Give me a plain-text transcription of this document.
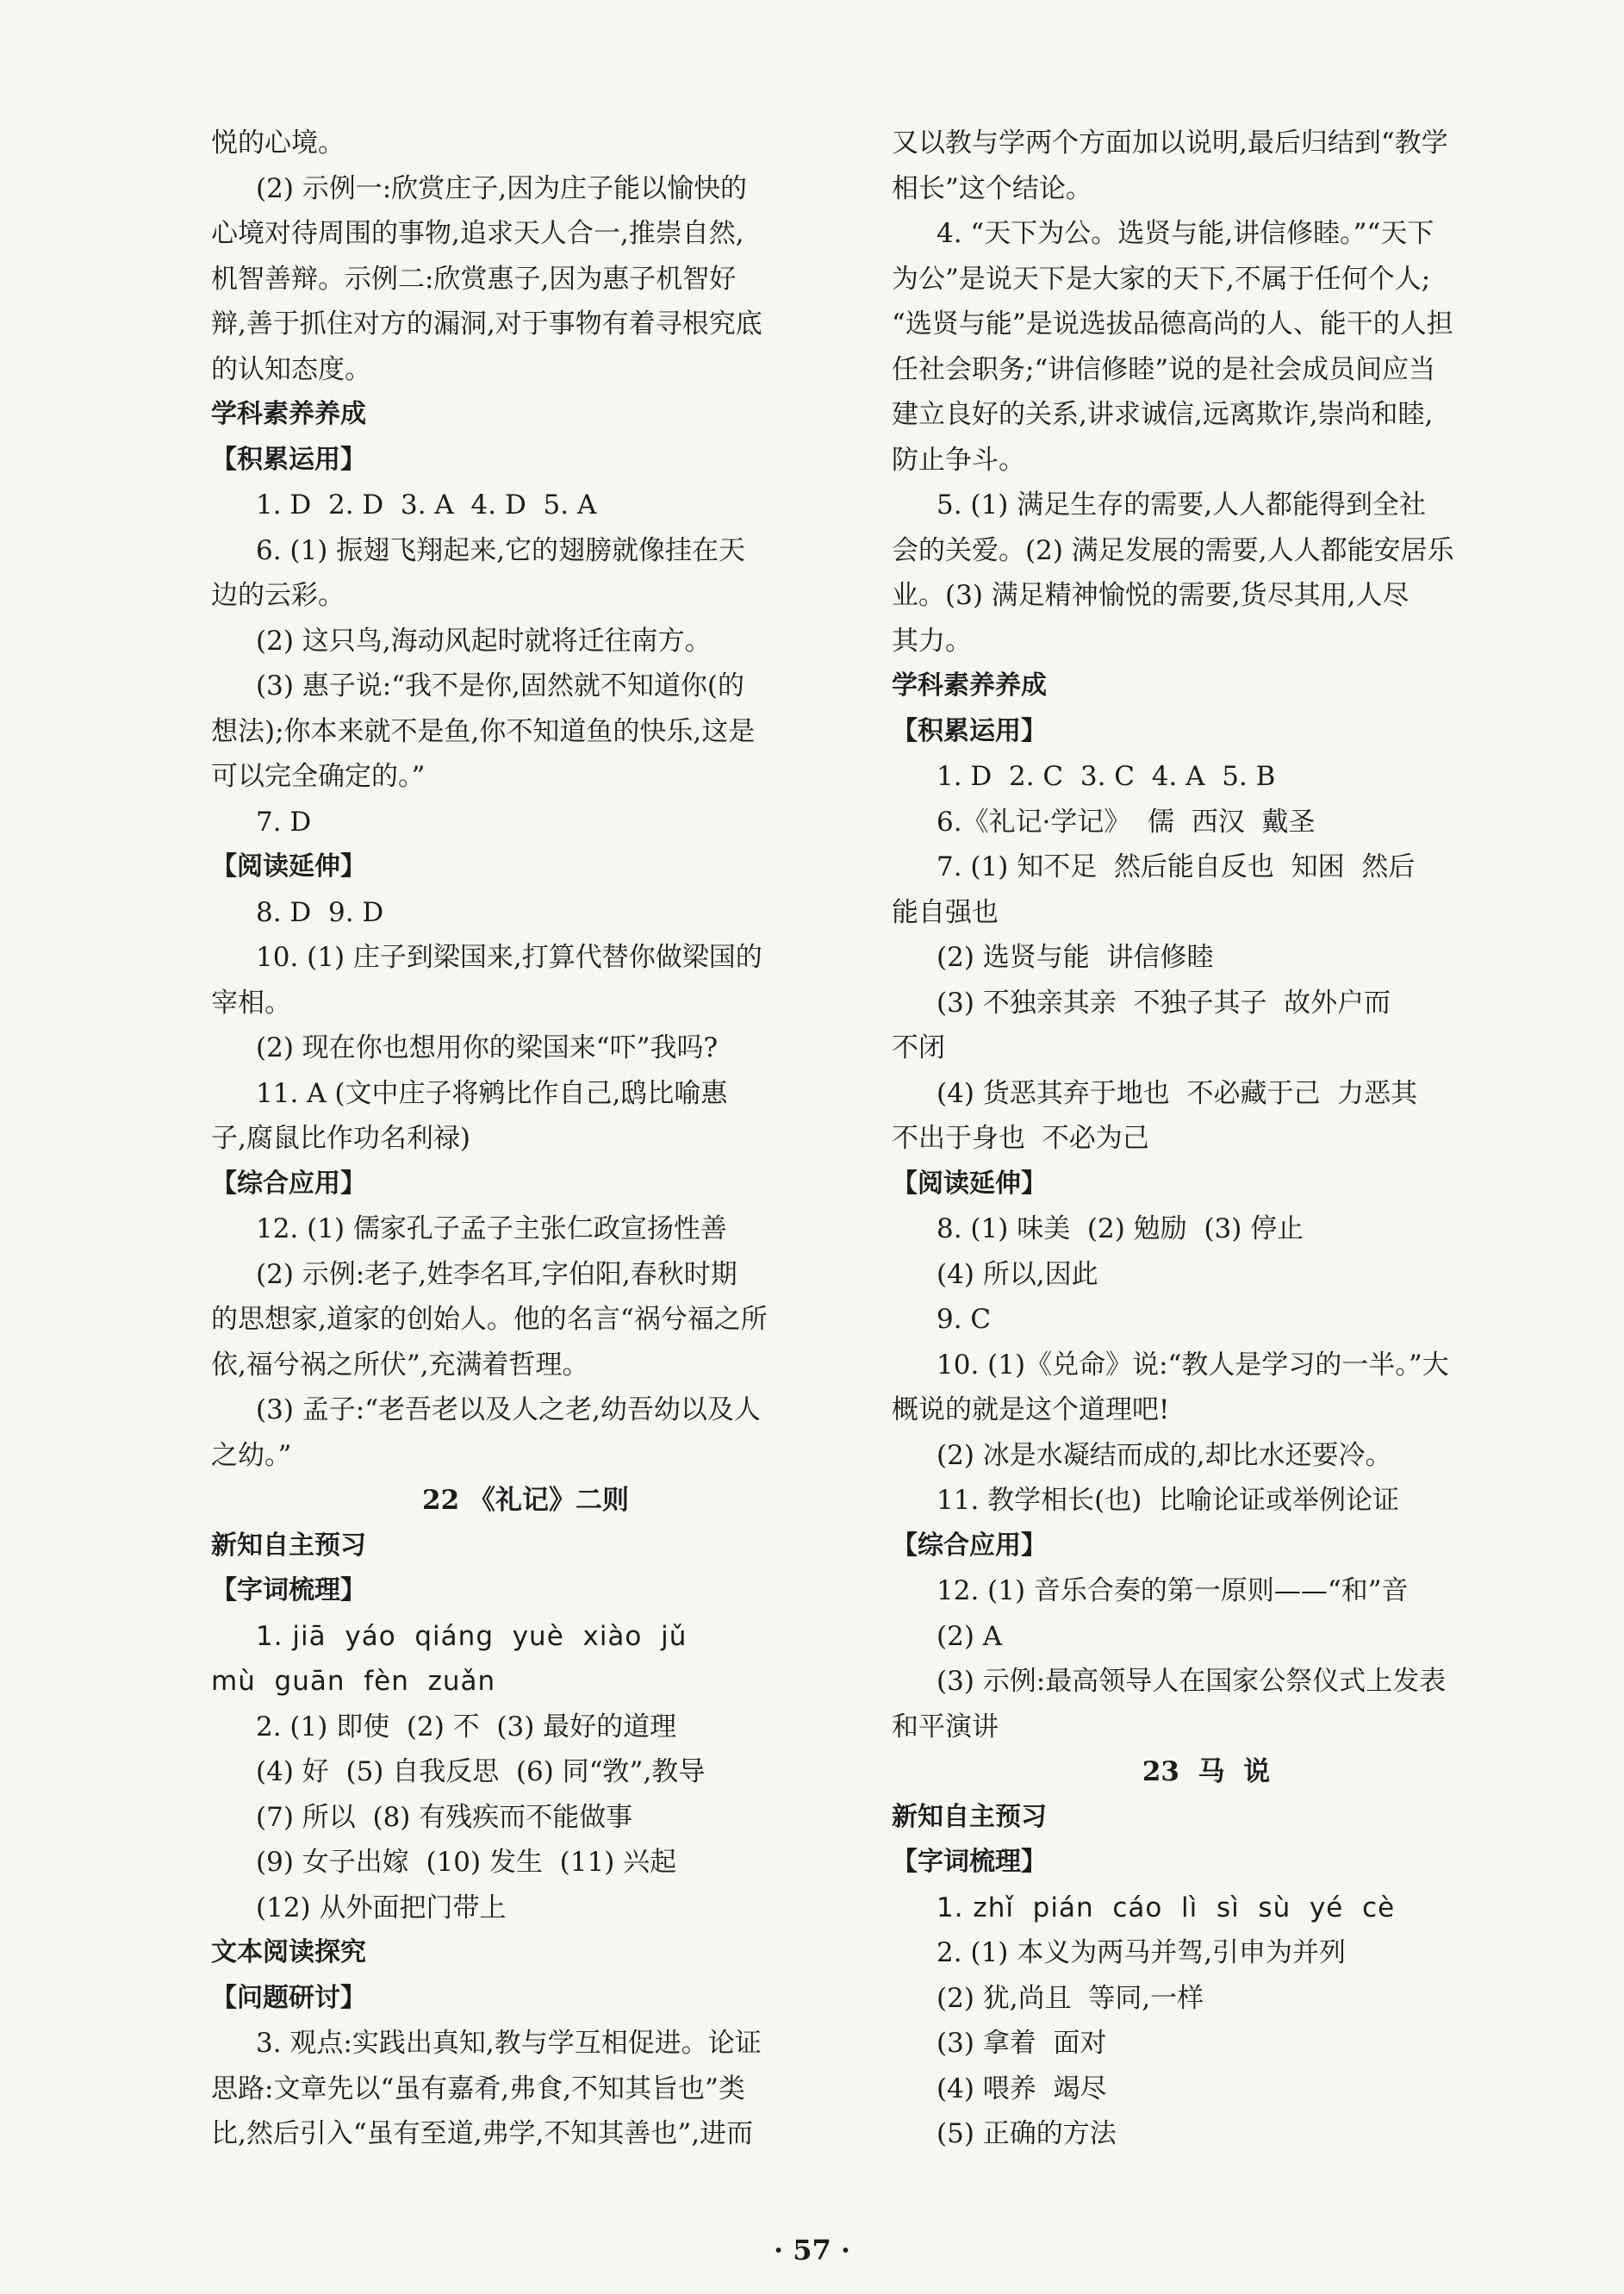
悦的心境。
(2) 示例一:欣赏庄子,因为庄子能以愉快的
心境对待周围的事物,追求天人合一,推崇自然,
机智善辩。示例二:欣赏惠子,因为惠子机智好
辩,善于抓住对方的漏洞,对于事物有着寻根究底
的认知态度。
学科素养养成
【积累运用】
1. D  2. D  3. A  4. D  5. A
6. (1) 振翅飞翔起来,它的翅膀就像挂在天
边的云彩。
(2) 这只鸟,海动风起时就将迁往南方。
(3) 惠子说:“我不是你,固然就不知道你(的
想法);你本来就不是鱼,你不知道鱼的快乐,这是
可以完全确定的。”
7. D
【阅读延伸】
8. D  9. D
10. (1) 庄子到梁国来,打算代替你做梁国的
宰相。
(2) 现在你也想用你的梁国来“吓”我吗?
11. A (文中庄子将鹓比作自己,鸱比喻惠
子,腐鼠比作功名利禄)
【综合应用】
12. (1) 儒家孔子孟子主张仁政宣扬性善
(2) 示例:老子,姓李名耳,字伯阳,春秋时期
的思想家,道家的创始人。他的名言“祸兮福之所
依,福兮祸之所伏”,充满着哲理。
(3) 孟子:“老吾老以及人之老,幼吾幼以及人
之幼。”
22 《礼记》二则
新知自主预习
【字词梳理】
1. jiā  yáo  qiáng  yuè  xiào  jǔ
mù  guān  fèn  zuǎn
2. (1) 即使  (2) 不  (3) 最好的道理
(4) 好  (5) 自我反思  (6) 同“敩”,教导
(7) 所以  (8) 有残疾而不能做事
(9) 女子出嫁  (10) 发生  (11) 兴起
(12) 从外面把门带上
文本阅读探究
【问题研讨】
3. 观点:实践出真知,教与学互相促进。论证
思路:文章先以“虽有嘉肴,弗食,不知其旨也”类
比,然后引入“虽有至道,弗学,不知其善也”,进而
又以教与学两个方面加以说明,最后归结到“教学
相长”这个结论。
4. “天下为公。选贤与能,讲信修睦。”“天下
为公”是说天下是大家的天下,不属于任何个人;
“选贤与能”是说选拔品德高尚的人、能干的人担
任社会职务;“讲信修睦”说的是社会成员间应当
建立良好的关系,讲求诚信,远离欺诈,崇尚和睦,
防止争斗。
5. (1) 满足生存的需要,人人都能得到全社
会的关爱。(2) 满足发展的需要,人人都能安居乐
业。(3) 满足精神愉悦的需要,货尽其用,人尽
其力。
学科素养养成
【积累运用】
1. D  2. C  3. C  4. A  5. B
6.《礼记·学记》  儒  西汉  戴圣
7. (1) 知不足  然后能自反也  知困  然后
能自强也
(2) 选贤与能  讲信修睦
(3) 不独亲其亲  不独子其子  故外户而
不闭
(4) 货恶其弃于地也  不必藏于己  力恶其
不出于身也  不必为己
【阅读延伸】
8. (1) 味美  (2) 勉励  (3) 停止
(4) 所以,因此
9. C
10. (1)《兑命》说:“教人是学习的一半。”大
概说的就是这个道理吧!
(2) 冰是水凝结而成的,却比水还要冷。
11. 教学相长(也)  比喻论证或举例论证
【综合应用】
12. (1) 音乐合奏的第一原则——“和”音
(2) A
(3) 示例:最高领导人在国家公祭仪式上发表
和平演讲
23  马  说
新知自主预习
【字词梳理】
1. zhǐ  pián  cáo  lì  sì  sù  yé  cè
2. (1) 本义为两马并驾,引申为并列
(2) 犹,尚且  等同,一样
(3) 拿着  面对
(4) 喂养  竭尽
(5) 正确的方法
· 57 ·
